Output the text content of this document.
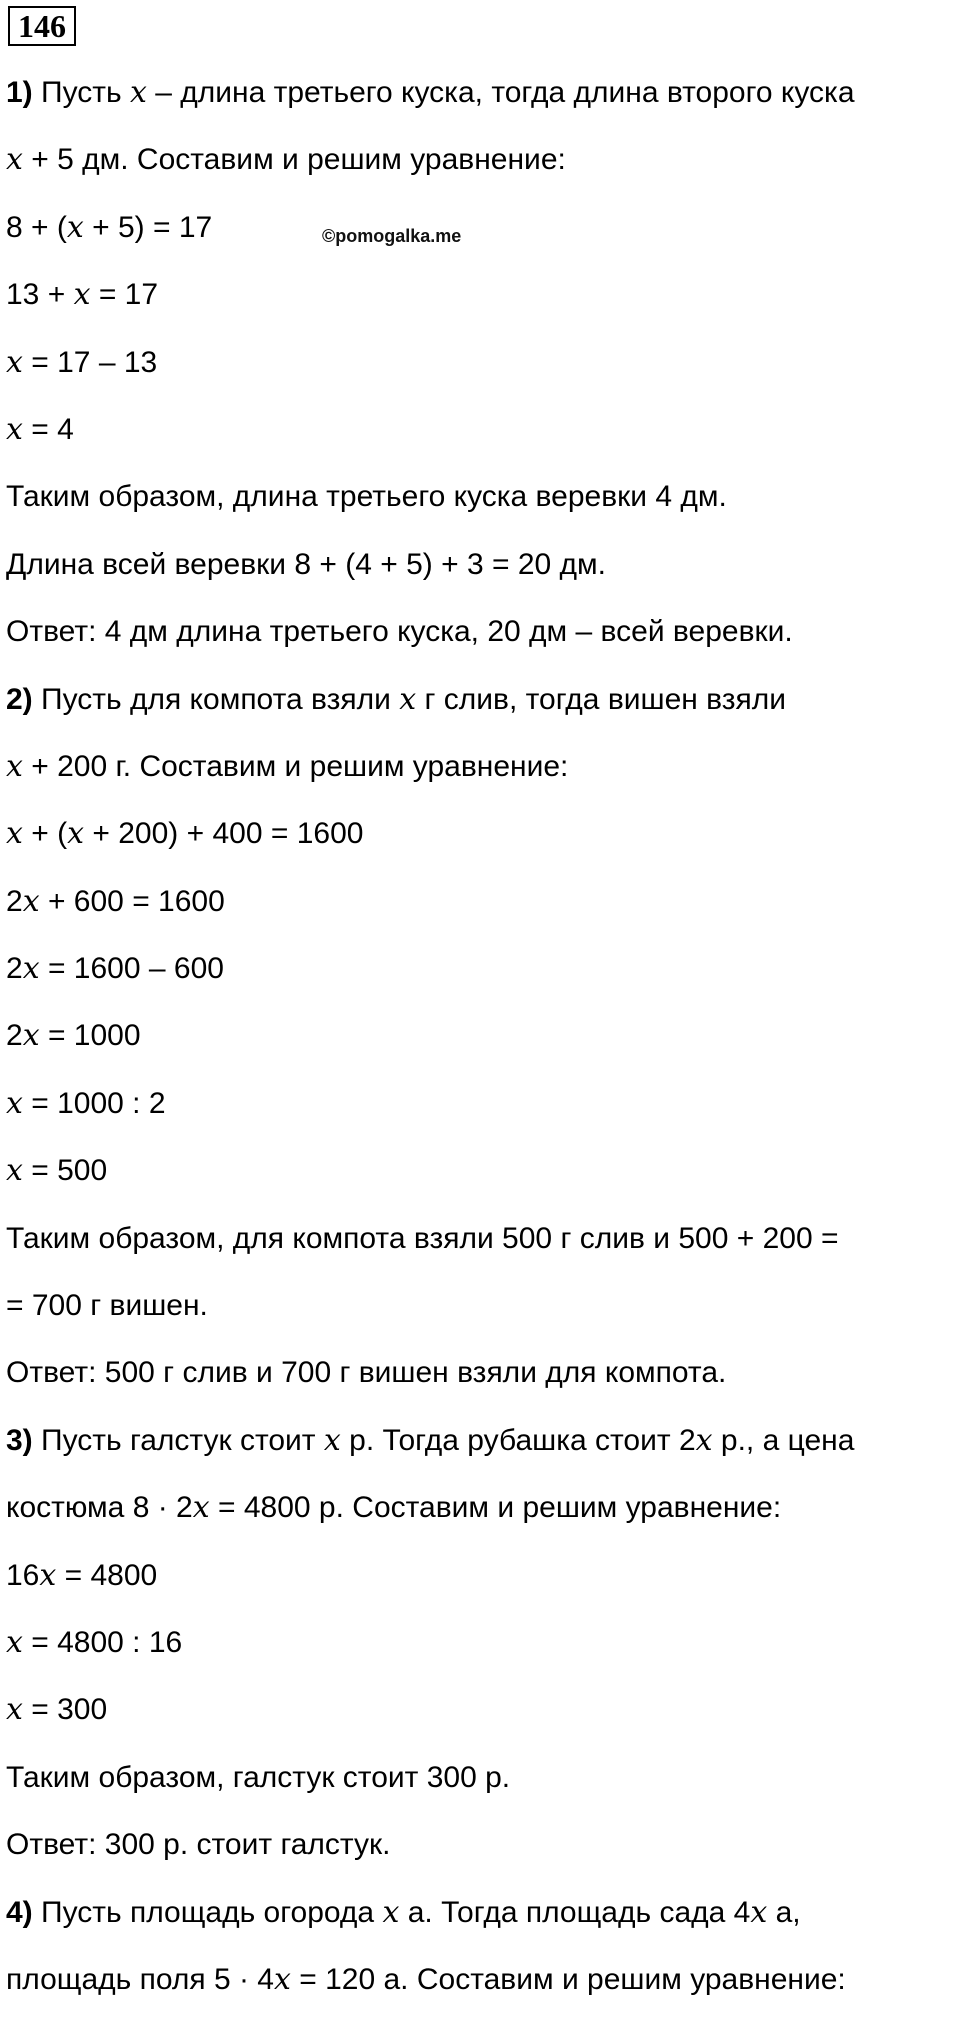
146
©pomogalka.me
1) Пусть x – длина третьего куска, тогда длина второго куска
x + 5 дм. Составим и решим уравнение:
8 + (x + 5) = 17
13 + x = 17
x = 17 – 13
x = 4
Таким образом, длина третьего куска веревки 4 дм.
Длина всей веревки 8 + (4 + 5) + 3 = 20 дм.
Ответ: 4 дм длина третьего куска, 20 дм – всей веревки.
2) Пусть для компота взяли x г слив, тогда вишен взяли
x + 200 г. Составим и решим уравнение:
x + (x + 200) + 400 = 1600
2x + 600 = 1600
2x = 1600 – 600
2x = 1000
x = 1000 : 2
x = 500
Таким образом, для компота взяли 500 г слив и 500 + 200 =
= 700 г вишен.
Ответ: 500 г слив и 700 г вишен взяли для компота.
3) Пусть галстук стоит x р. Тогда рубашка стоит 2x р., а цена
костюма 8 · 2x = 4800 р. Составим и решим уравнение:
16x = 4800
x = 4800 : 16
x = 300
Таким образом, галстук стоит 300 р.
Ответ: 300 р. стоит галстук.
4) Пусть площадь огорода x а. Тогда площадь сада 4x а,
площадь поля 5 · 4x = 120 а. Составим и решим уравнение:
